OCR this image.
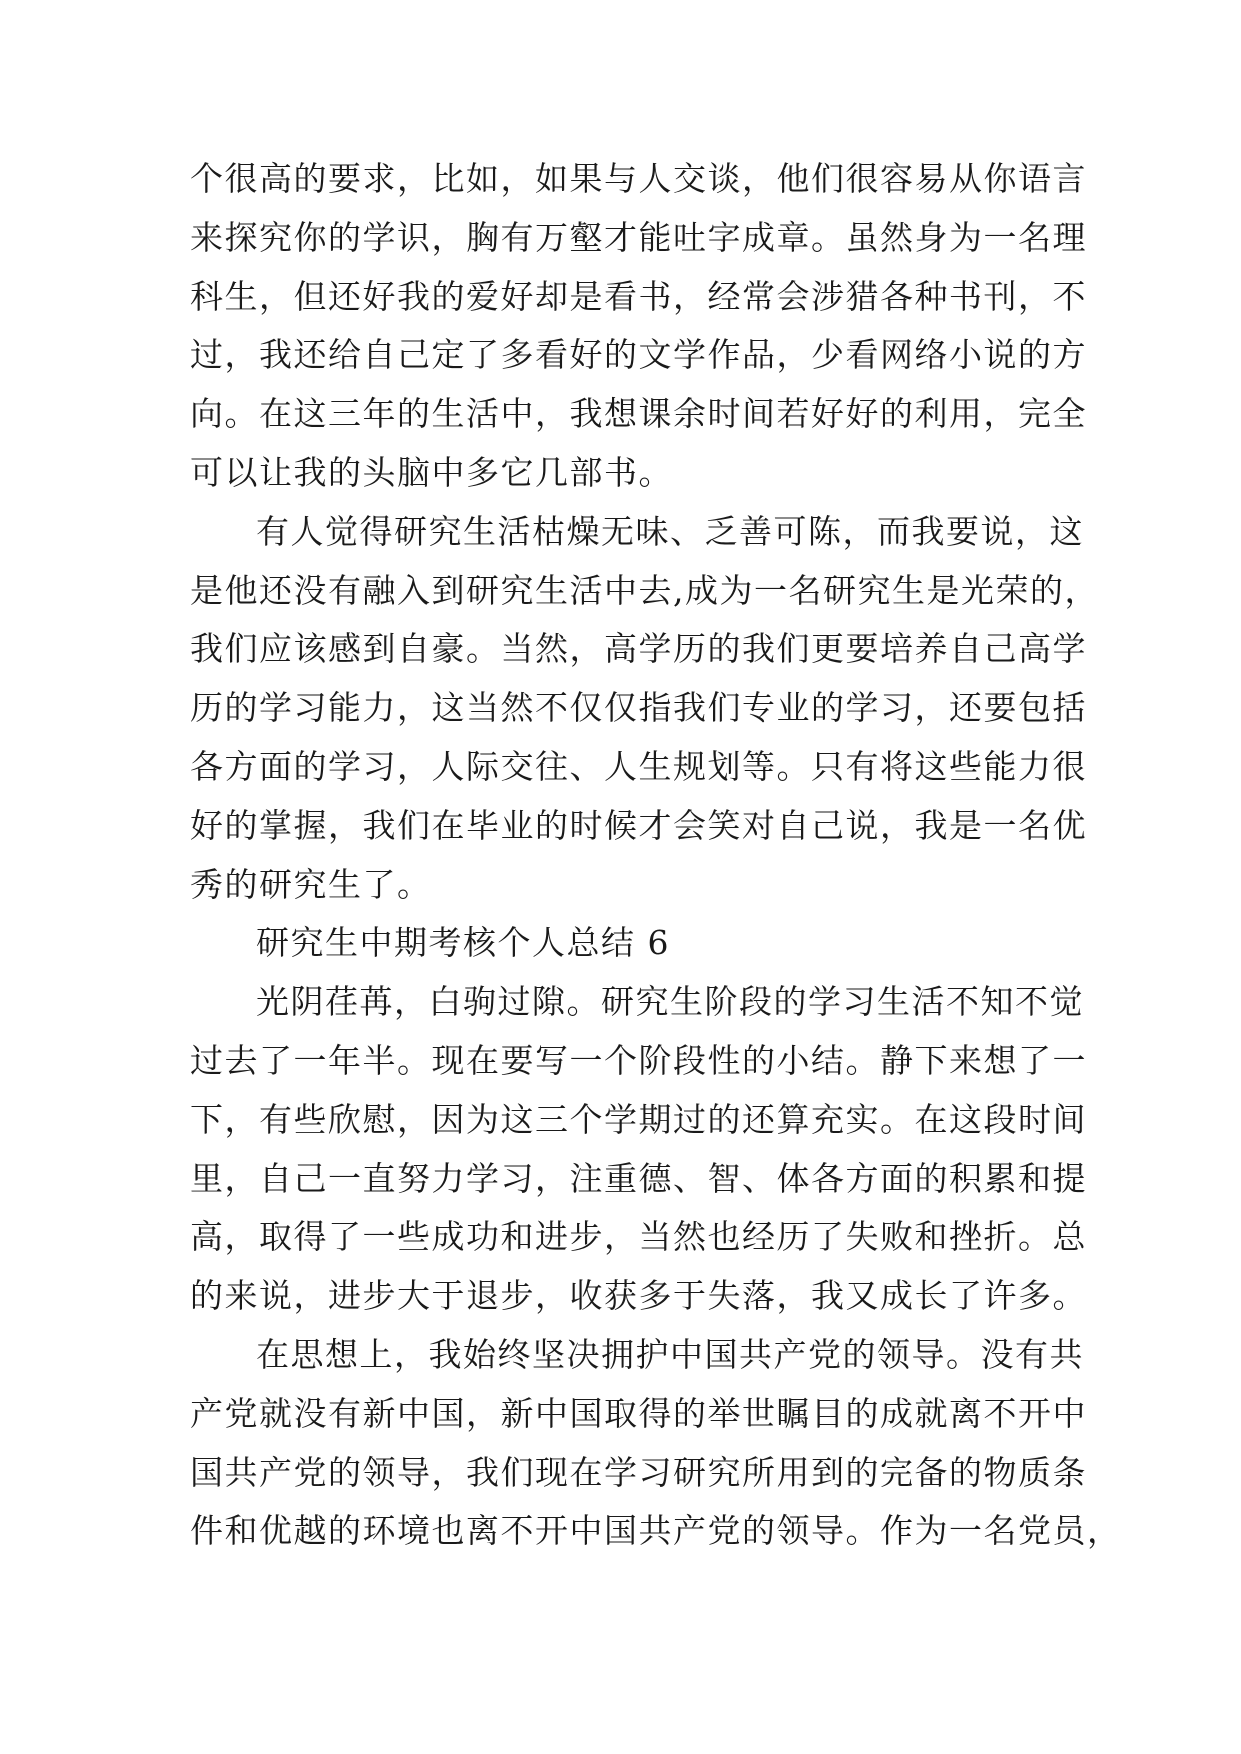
个很高的要求，比如，如果与人交谈，他们很容易从你语言
来探究你的学识，胸有万壑才能吐字成章。虽然身为一名理
科生，但还好我的爱好却是看书，经常会涉猎各种书刊，不
过，我还给自己定了多看好的文学作品，少看网络小说的方
向。在这三年的生活中，我想课余时间若好好的利用，完全
可以让我的头脑中多它几部书。
有人觉得研究生活枯燥无味、乏善可陈，而我要说，这
是他还没有融入到研究生活中去,成为一名研究生是光荣的，
我们应该感到自豪。当然，高学历的我们更要培养自己高学
历的学习能力，这当然不仅仅指我们专业的学习，还要包括
各方面的学习，人际交往、人生规划等。只有将这些能力很
好的掌握，我们在毕业的时候才会笑对自己说，我是一名优
秀的研究生了。
研究生中期考核个人总结 6
光阴荏苒，白驹过隙。研究生阶段的学习生活不知不觉
过去了一年半。现在要写一个阶段性的小结。静下来想了一
下，有些欣慰，因为这三个学期过的还算充实。在这段时间
里，自己一直努力学习，注重德、智、体各方面的积累和提
高，取得了一些成功和进步，当然也经历了失败和挫折。总
的来说，进步大于退步，收获多于失落，我又成长了许多。
在思想上，我始终坚决拥护中国共产党的领导。没有共
产党就没有新中国，新中国取得的举世瞩目的成就离不开中
国共产党的领导，我们现在学习研究所用到的完备的物质条
件和优越的环境也离不开中国共产党的领导。作为一名党员，
